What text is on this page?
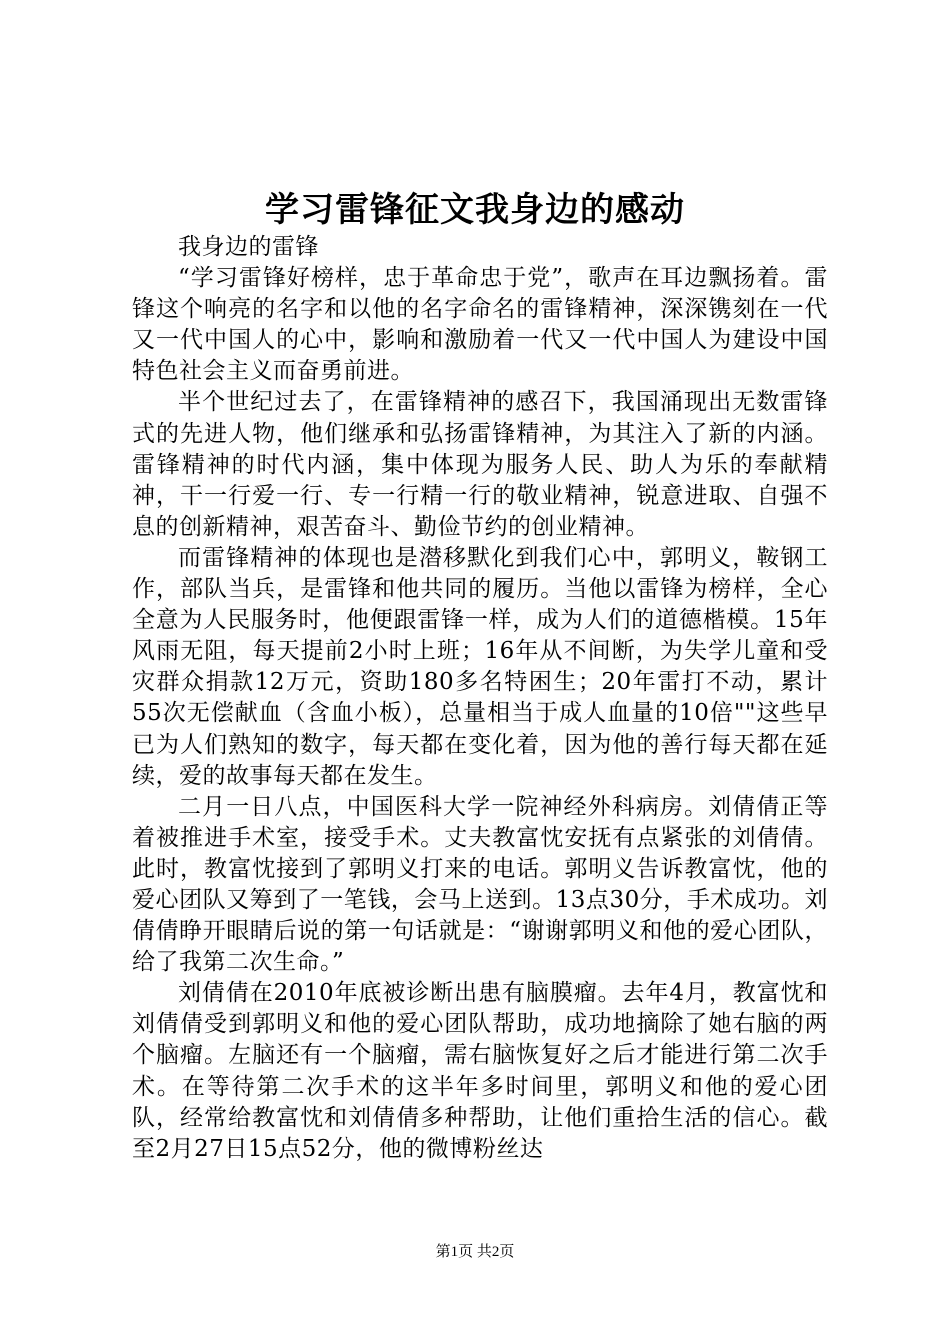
学习雷锋征文我身边的感动

我身边的雷锋

“学习雷锋好榜样，忠于革命忠于党”，歌声在耳边飘扬着。雷锋这个响亮的名字和以他的名字命名的雷锋精神，深深镌刻在一代又一代中国人的心中，影响和激励着一代又一代中国人为建设中国特色社会主义而奋勇前进。

半个世纪过去了，在雷锋精神的感召下，我国涌现出无数雷锋式的先进人物，他们继承和弘扬雷锋精神，为其注入了新的内涵。雷锋精神的时代内涵，集中体现为服务人民、助人为乐的奉献精神，干一行爱一行、专一行精一行的敬业精神，锐意进取、自强不息的创新精神，艰苦奋斗、勤俭节约的创业精神。

而雷锋精神的体现也是潜移默化到我们心中，郭明义，鞍钢工作，部队当兵，是雷锋和他共同的履历。当他以雷锋为榜样，全心全意为人民服务时，他便跟雷锋一样，成为人们的道德楷模。15年风雨无阻，每天提前2小时上班；16年从不间断，为失学儿童和受灾群众捐款12万元，资助180多名特困生；20年雷打不动，累计55次无偿献血（含血小板），总量相当于成人血量的10倍""这些早已为人们熟知的数字，每天都在变化着，因为他的善行每天都在延续，爱的故事每天都在发生。

二月一日八点，中国医科大学一院神经外科病房。刘倩倩正等着被推进手术室，接受手术。丈夫教富忱安抚有点紧张的刘倩倩。此时，教富忱接到了郭明义打来的电话。郭明义告诉教富忱，他的爱心团队又筹到了一笔钱，会马上送到。13点30分，手术成功。刘倩倩睁开眼睛后说的第一句话就是：“谢谢郭明义和他的爱心团队，给了我第二次生命。”

刘倩倩在2010年底被诊断出患有脑膜瘤。去年4月，教富忱和刘倩倩受到郭明义和他的爱心团队帮助，成功地摘除了她右脑的两个脑瘤。左脑还有一个脑瘤，需右脑恢复好之后才能进行第二次手术。在等待第二次手术的这半年多时间里，郭明义和他的爱心团队，经常给教富忱和刘倩倩多种帮助，让他们重拾生活的信心。截至2月27日15点52分，他的微博粉丝达

第1页 共2页
